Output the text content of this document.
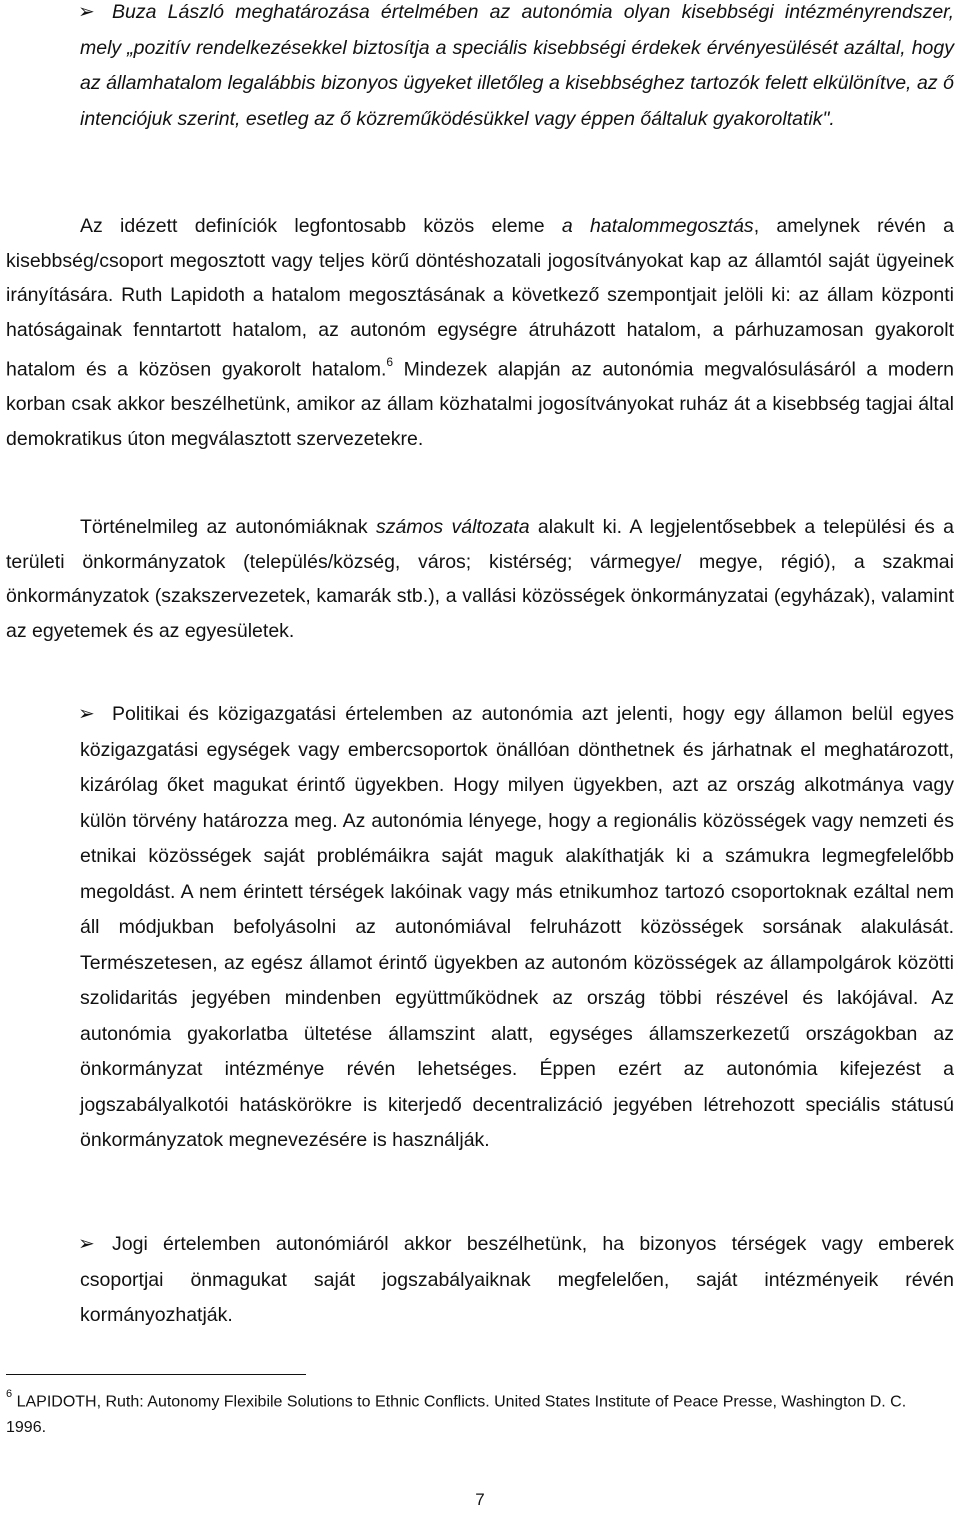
➢ Buza László meghatározása értelmében az autonómia olyan kisebbségi intézményrendszer, mely „pozitív rendelkezésekkel biztosítja a speciális kisebbségi érdekek érvényesülését azáltal, hogy az államhatalom legalábbis bizonyos ügyeket illetőleg a kisebbséghez tartozók felett elkülönítve, az ő intenciójuk szerint, esetleg az ő közreműködésükkel vagy éppen őáltaluk gyakoroltatik".

Az idézett definíciók legfontosabb közös eleme a hatalommegosztás, amelynek révén a kisebbség/csoport megosztott vagy teljes körű döntéshozatali jogosítványokat kap az államtól saját ügyeinek irányítására. Ruth Lapidoth a hatalom megosztásának a következő szempontjait jelöli ki: az állam központi hatóságainak fenntartott hatalom, az autonóm egységre átruházott hatalom, a párhuzamosan gyakorolt hatalom és a közösen gyakorolt hatalom.$^6$ Mindezek alapján az autonómia megvalósulásáról a modern korban csak akkor beszélhetünk, amikor az állam közhatalmi jogosítványokat ruház át a kisebbség tagjai által demokratikus úton megválasztott szervezetekre.

Történelmileg az autonómiáknak számos változata alakult ki. A legjelentősebbek a települési és a területi önkormányzatok (település/község, város; kistérség; vármegye/ megye, régió), a szakmai önkormányzatok (szakszervezetek, kamarák stb.), a vallási közösségek önkormányzatai (egyházak), valamint az egyetemek és az egyesületek.

➢ Politikai és közigazgatási értelemben az autonómia azt jelenti, hogy egy államon belül egyes közigazgatási egységek vagy embercsoportok önállóan dönthetnek és járhatnak el meghatározott, kizárólag őket magukat érintő ügyekben. Hogy milyen ügyekben, azt az ország alkotmánya vagy külön törvény határozza meg. Az autonómia lényege, hogy a regionális közösségek vagy nemzeti és etnikai közösségek saját problémáikra saját maguk alakíthatják ki a számukra legmegfelelőbb megoldást. A nem érintett térségek lakóinak vagy más etnikumhoz tartozó csoportoknak ezáltal nem áll módjukban befolyásolni az autonómiával felruházott közösségek sorsának alakulását. Természetesen, az egész államot érintő ügyekben az autonóm közösségek az állampolgárok közötti szolidaritás jegyében mindenben együttműködnek az ország többi részével és lakójával. Az autonómia gyakorlatba ültetése államszint alatt, egységes államszerkezetű országokban az önkormányzat intézménye révén lehetséges. Éppen ezért az autonómia kifejezést a jogszabályalkotói hatáskörökre is kiterjedő decentralizáció jegyében létrehozott speciális státusú önkormányzatok megnevezésére is használják.

➢ Jogi értelemben autonómiáról akkor beszélhetünk, ha bizonyos térségek vagy emberek csoportjai önmagukat saját jogszabályaiknak megfelelően, saját intézményeik révén kormányozhatják.

$^6$ LAPIDOTH, Ruth: Autonomy Flexibile Solutions to Ethnic Conflicts. United States Institute of Peace Presse, Washington D. C. 1996.
7
